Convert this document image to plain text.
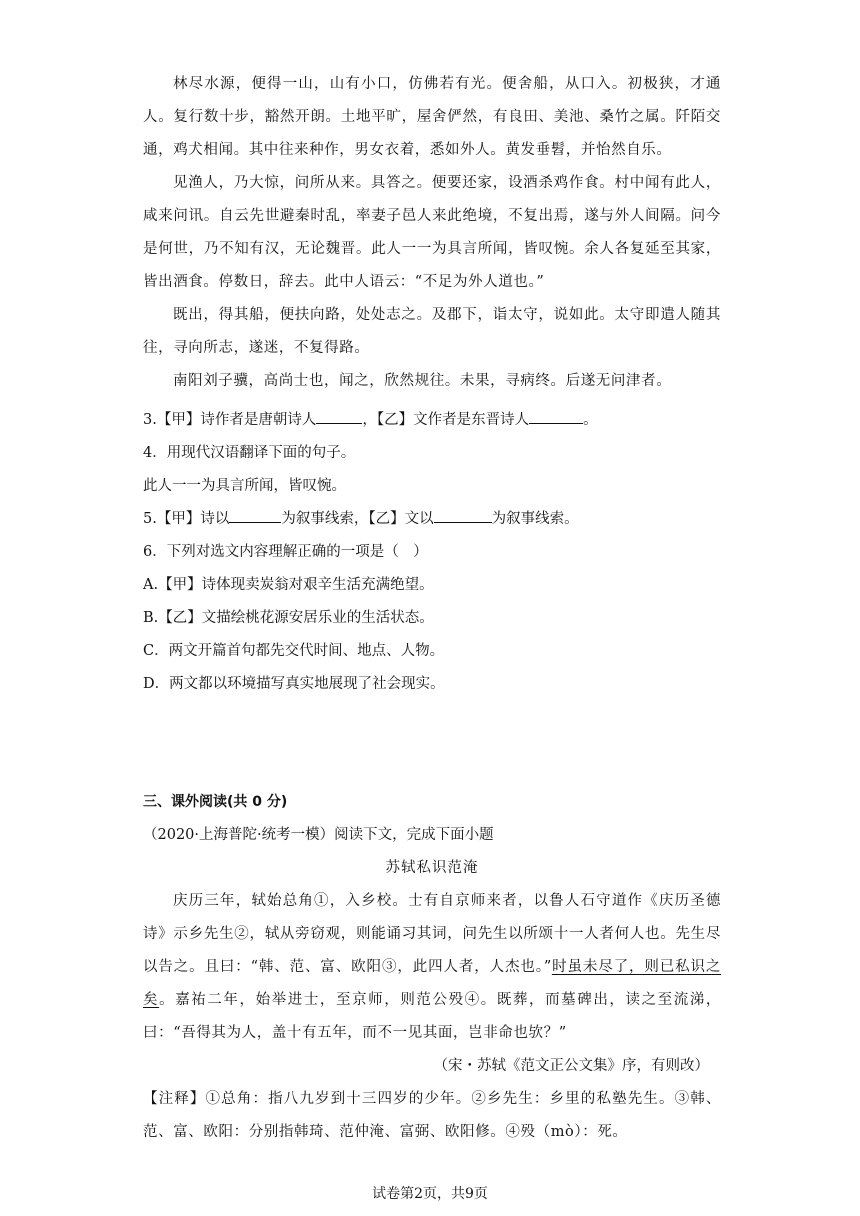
林尽水源，便得一山，山有小口，仿佛若有光。便舍船，从口入。初极狭，才通人。复行数十步，豁然开朗。土地平旷，屋舍俨然，有良田、美池、桑竹之属。阡陌交通，鸡犬相闻。其中往来种作，男女衣着，悉如外人。黄发垂髫，并怡然自乐。

见渔人，乃大惊，问所从来。具答之。便要还家，设酒杀鸡作食。村中闻有此人，咸来问讯。自云先世避秦时乱，率妻子邑人来此绝境，不复出焉，遂与外人间隔。问今是何世，乃不知有汉，无论魏晋。此人一一为具言所闻，皆叹惋。余人各复延至其家，皆出酒食。停数日，辞去。此中人语云：“不足为外人道也。”

既出，得其船，便扶向路，处处志之。及郡下，诣太守，说如此。太守即遣人随其往，寻向所志，遂迷，不复得路。

南阳刘子骥，高尚士也，闻之，欣然规往。未果，寻病终。后遂无问津者。

3.【甲】诗作者是唐朝诗人	，【乙】文作者是东晋诗人	。

4．用现代汉语翻译下面的句子。

此人一一为具言所闻，皆叹惋。

5.【甲】诗以	为叙事线索，【乙】文以	为叙事线索。

6．下列对选文内容理解正确的一项是（　）

A.【甲】诗体现卖炭翁对艰辛生活充满绝望。

B.【乙】文描绘桃花源安居乐业的生活状态。

C．两文开篇首句都先交代时间、地点、人物。

D．两文都以环境描写真实地展现了社会现实。

三、课外阅读(共 0 分)

（2020·上海普陀·统考一模）阅读下文，完成下面小题

苏轼私识范淹

庆历三年，轼始总角①，入乡校。士有自京师来者，以鲁人石守道作《庆历圣德诗》示乡先生②，轼从旁窃观，则能诵习其词，问先生以所颂十一人者何人也。先生尽以告之。且曰：“韩、范、富、欧阳③，此四人者，人杰也。”时虽未尽了，则已私识之矣。嘉祐二年，始举进士，至京师，则范公殁④。既葬，而墓碑出，读之至流涕，曰：“吾得其为人，盖十有五年，而不一见其面，岂非命也欤？”

（宋・苏轼《范文正公文集》序，有则改）

【注释】①总角：指八九岁到十三四岁的少年。②乡先生：乡里的私塾先生。③韩、范、富、欧阳：分别指韩琦、范仲淹、富弼、欧阳修。④殁（mò）：死。

试卷第2页，共9页
